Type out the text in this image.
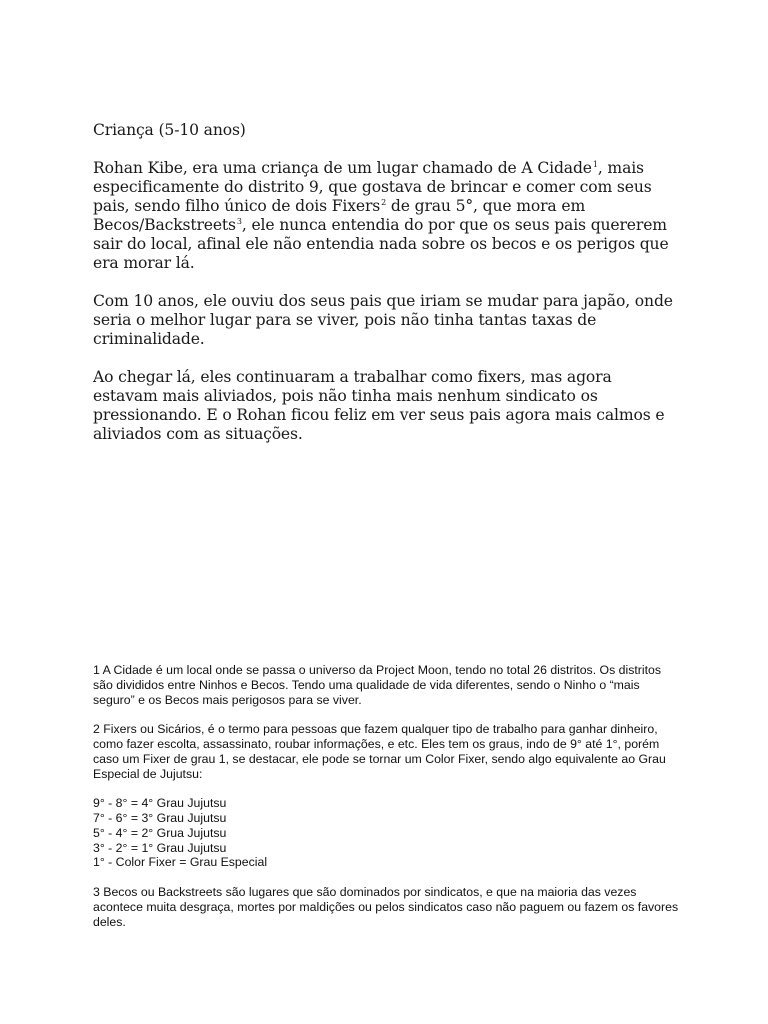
Criança (5-10 anos)

Rohan Kibe, era uma criança de um lugar chamado de A Cidade$^1$, mais especificamente do distrito 9, que gostava de brincar e comer com seus pais, sendo filho único de dois Fixers$^2$ de grau 5°, que mora em Becos/Backstreets$^3$, ele nunca entendia do por que os seus pais quererem sair do local, afinal ele não entendia nada sobre os becos e os perigos que era morar lá.

Com 10 anos, ele ouviu dos seus pais que iriam se mudar para japão, onde seria o melhor lugar para se viver, pois não tinha tantas taxas de criminalidade.

Ao chegar lá, eles continuaram a trabalhar como fixers, mas agora estavam mais aliviados, pois não tinha mais nenhum sindicato os pressionando. E o Rohan ficou feliz em ver seus pais agora mais calmos e aliviados com as situações.

1 A Cidade é um local onde se passa o universo da Project Moon, tendo no total 26 distritos. Os distritos são divididos entre Ninhos e Becos. Tendo uma qualidade de vida diferentes, sendo o Ninho o “mais seguro” e os Becos mais perigosos para se viver.

2 Fixers ou Sicários, é o termo para pessoas que fazem qualquer tipo de trabalho para ganhar dinheiro, como fazer escolta, assassinato, roubar informações, e etc. Eles tem os graus, indo de 9° até 1°, porém caso um Fixer de grau 1, se destacar, ele pode se tornar um Color Fixer, sendo algo equivalente ao Grau Especial de Jujutsu:

9° - 8° = 4° Grau Jujutsu
7° - 6° = 3° Grau Jujutsu
5° - 4° = 2° Grua Jujutsu
3° - 2° = 1° Grau Jujutsu
1° - Color Fixer = Grau Especial

3 Becos ou Backstreets são lugares que são dominados por sindicatos, e que na maioria das vezes acontece muita desgraça, mortes por maldições ou pelos sindicatos caso não paguem ou fazem os favores deles.
